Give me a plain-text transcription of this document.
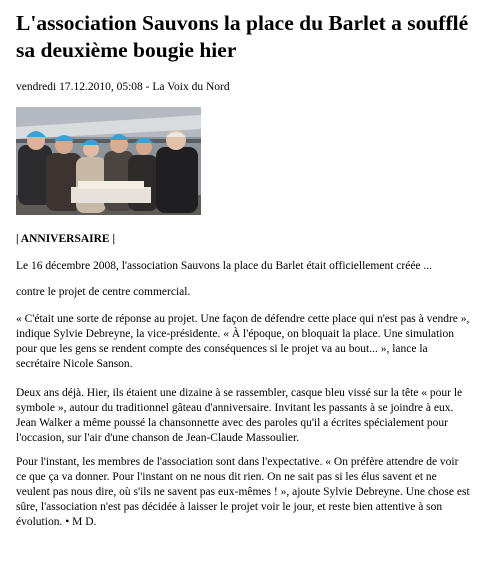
L'association Sauvons la place du Barlet a soufflé sa deuxième bougie hier
vendredi 17.12.2010, 05:08 - La Voix du Nord
| ANNIVERSAIRE |

Le 16 décembre 2008, l'association Sauvons la place du Barlet était officiellement créée ...

contre le projet de centre commercial.

« C'était une sorte de réponse au projet. Une façon de défendre cette place qui n'est pas à vendre », indique Sylvie Debreyne, la vice-présidente. « À l'époque, on bloquait la place. Une simulation pour que les gens se rendent compte des conséquences si le projet va au bout... », lance la secrétaire Nicole Sanson.

Deux ans déjà. Hier, ils étaient une dizaine à se rassembler, casque bleu vissé sur la tête « pour le symbole », autour du traditionnel gâteau d'anniversaire. Invitant les passants à se joindre à eux. Jean Walker a même poussé la chansonnette avec des paroles qu'il a écrites spécialement pour l'occasion, sur l'air d'une chanson de Jean-Claude Massoulier.

Pour l'instant, les membres de l'association sont dans l'expectative. « On préfère attendre de voir ce que ça va donner. Pour l'instant on ne nous dit rien. On ne sait pas si les élus savent et ne veulent pas nous dire, où s'ils ne savent pas eux-mêmes ! », ajoute Sylvie Debreyne. Une chose est sûre, l'association n'est pas décidée à laisser le projet voir le jour, et reste bien attentive à son évolution. • M D.
